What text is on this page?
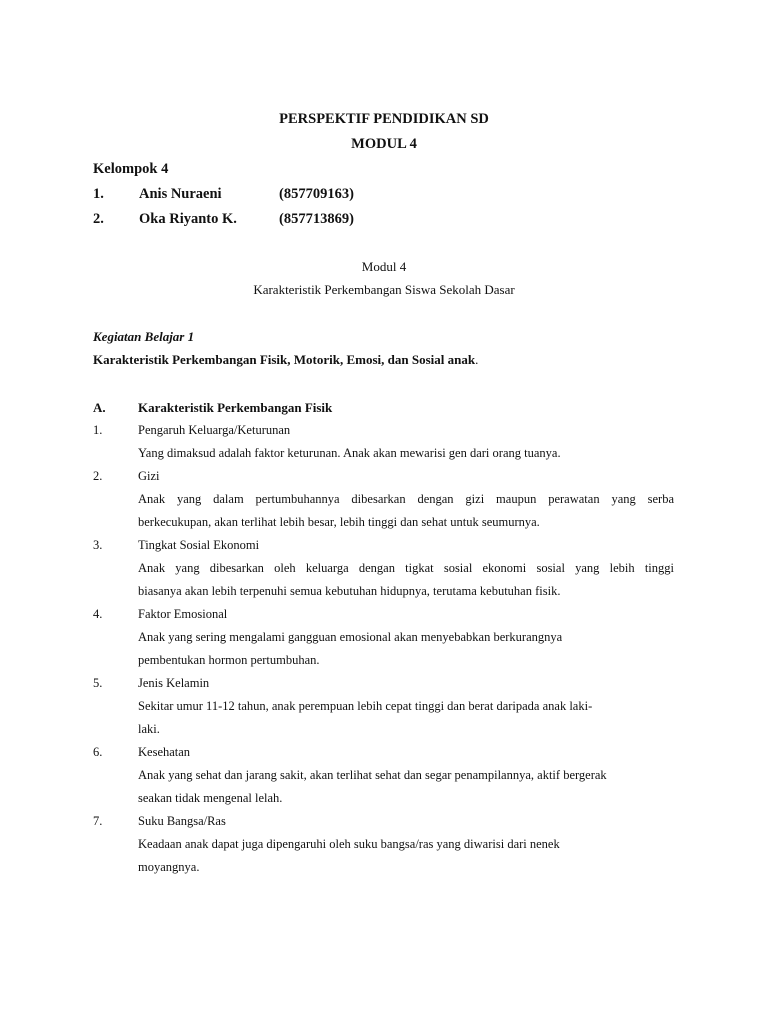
PERSPEKTIF PENDIDIKAN SD
MODUL 4
Kelompok 4
1. Anis Nuraeni	(857709163)
2. Oka Riyanto K.	(857713869)
Modul 4
Karakteristik Perkembangan Siswa Sekolah Dasar
Kegiatan Belajar 1
Karakteristik Perkembangan Fisik, Motorik, Emosi, dan Sosial anak.
A. Karakteristik Perkembangan Fisik
1.	Pengaruh Keluarga/Keturunan
Yang dimaksud adalah faktor keturunan. Anak akan mewarisi gen dari orang tuanya.
2.	Gizi
Anak yang dalam pertumbuhannya dibesarkan dengan gizi maupun perawatan yang serba
berkecukupan, akan terlihat lebih besar, lebih tinggi dan sehat untuk seumurnya.
3.	Tingkat Sosial Ekonomi
Anak yang dibesarkan oleh keluarga dengan tigkat sosial ekonomi sosial yang lebih tinggi
biasanya akan lebih terpenuhi semua kebutuhan hidupnya, terutama kebutuhan fisik.
4.	Faktor Emosional
Anak yang sering mengalami gangguan emosional akan menyebabkan berkurangnya
pembentukan hormon pertumbuhan.
5.	Jenis Kelamin
Sekitar umur 11-12 tahun, anak perempuan lebih cepat tinggi dan berat daripada anak laki-
laki.
6.	Kesehatan
Anak yang sehat dan jarang sakit, akan terlihat sehat dan segar penampilannya, aktif bergerak
seakan tidak mengenal lelah.
7.	Suku Bangsa/Ras
Keadaan anak dapat juga dipengaruhi oleh suku bangsa/ras yang diwarisi dari nenek
moyangnya.
